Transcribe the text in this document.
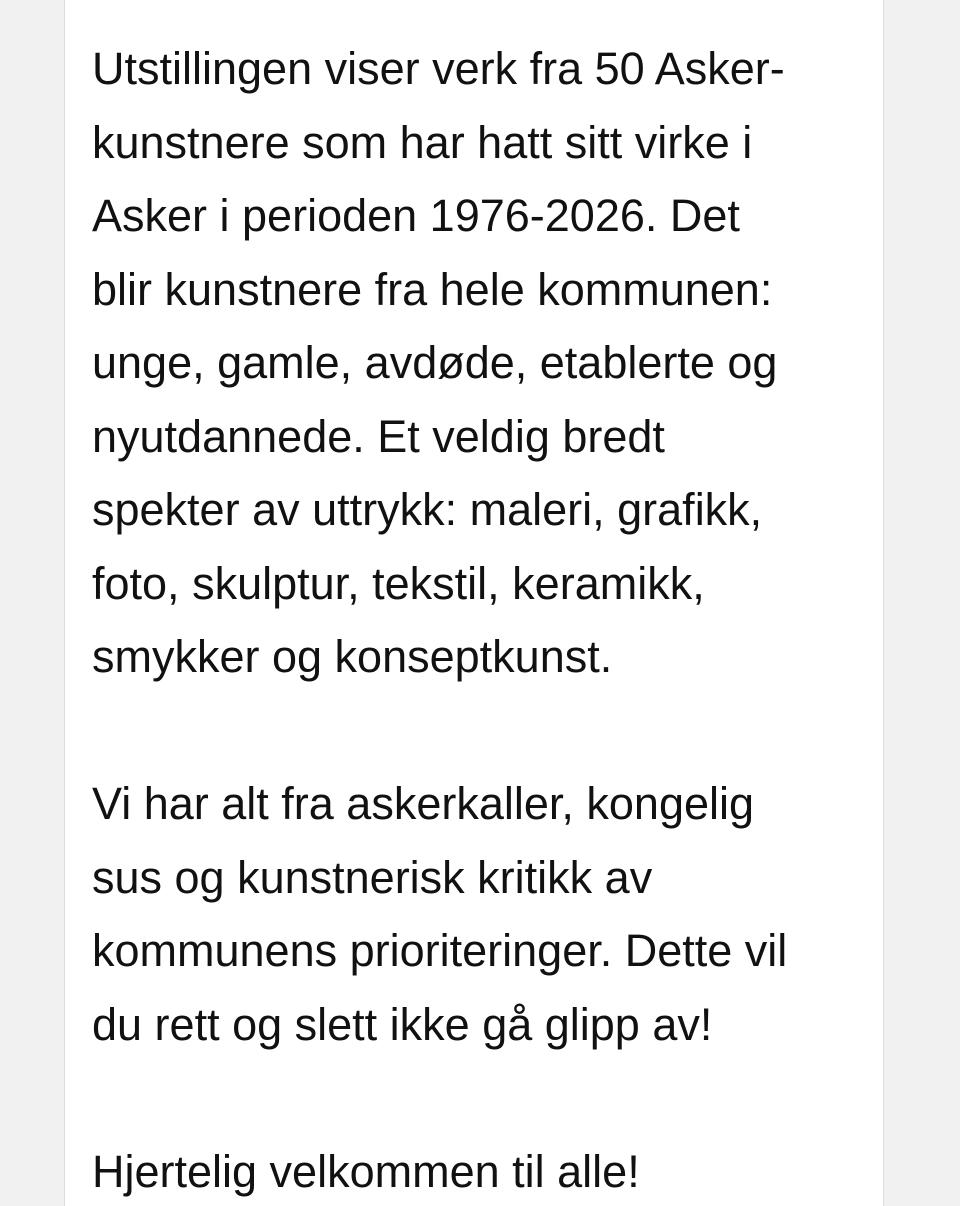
Utstillingen viser verk fra 50 Asker-
kunstnere som har hatt sitt virke i
Asker i perioden 1976-2026. Det
blir kunstnere fra hele kommunen:
unge, gamle, avdøde, etablerte og
nyutdannede. Et veldig bredt
spekter av uttrykk: maleri, grafikk,
foto, skulptur, tekstil, keramikk,
smykker og konseptkunst.

Vi har alt fra askerkaller, kongelig
sus og kunstnerisk kritikk av
kommunens prioriteringer. Dette vil
du rett og slett ikke gå glipp av!

Hjertelig velkommen til alle!
